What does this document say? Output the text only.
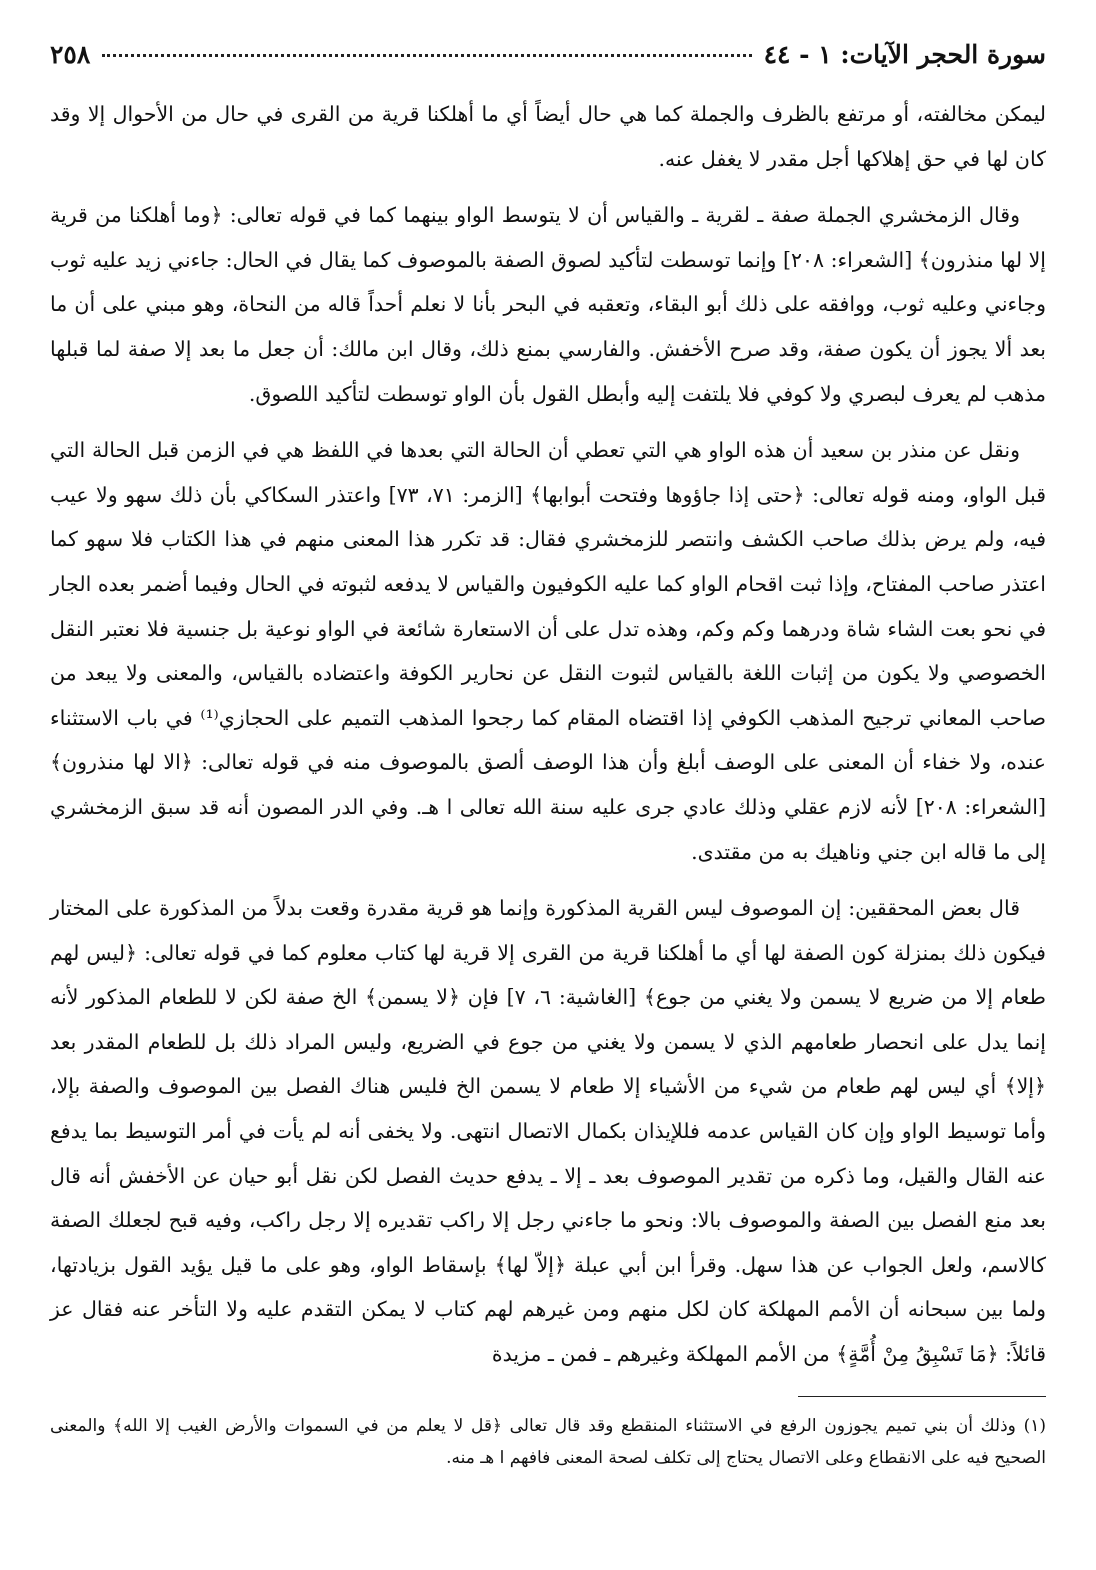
سورة الحجر الآيات: ١ - ٤٤
٢٥٨

ليمكن مخالفته، أو مرتفع بالظرف والجملة كما هي حال أيضاً أي ما أهلكنا قرية من القرى في حال من الأحوال إلا وقد كان لها في حق إهلاكها أجل مقدر لا يغفل عنه.

وقال الزمخشري الجملة صفة ـ لقرية ـ والقياس أن لا يتوسط الواو بينهما كما في قوله تعالى: ﴿وما أهلكنا من قرية إلا لها منذرون﴾ [الشعراء: ٢٠٨] وإنما توسطت لتأكيد لصوق الصفة بالموصوف كما يقال في الحال: جاءني زيد عليه ثوب وجاءني وعليه ثوب، ووافقه على ذلك أبو البقاء، وتعقبه في البحر بأنا لا نعلم أحداً قاله من النحاة، وهو مبني على أن ما بعد ألا يجوز أن يكون صفة، وقد صرح الأخفش. والفارسي بمنع ذلك، وقال ابن مالك: أن جعل ما بعد إلا صفة لما قبلها مذهب لم يعرف لبصري ولا كوفي فلا يلتفت إليه وأبطل القول بأن الواو توسطت لتأكيد اللصوق.

ونقل عن منذر بن سعيد أن هذه الواو هي التي تعطي أن الحالة التي بعدها في اللفظ هي في الزمن قبل الحالة التي قبل الواو، ومنه قوله تعالى: ﴿حتى إذا جاؤوها وفتحت أبوابها﴾ [الزمر: ٧١، ٧٣] واعتذر السكاكي بأن ذلك سهو ولا عيب فيه، ولم يرض بذلك صاحب الكشف وانتصر للزمخشري فقال: قد تكرر هذا المعنى منهم في هذا الكتاب فلا سهو كما اعتذر صاحب المفتاح، وإذا ثبت اقحام الواو كما عليه الكوفيون والقياس لا يدفعه لثبوته في الحال وفيما أضمر بعده الجار في نحو بعت الشاء شاة ودرهما وكم وكم، وهذه تدل على أن الاستعارة شائعة في الواو نوعية بل جنسية فلا نعتبر النقل الخصوصي ولا يكون من إثبات اللغة بالقياس لثبوت النقل عن نحارير الكوفة واعتضاده بالقياس، والمعنى ولا يبعد من صاحب المعاني ترجيح المذهب الكوفي إذا اقتضاه المقام كما رجحوا المذهب التميم على الحجازي⁽¹⁾ في باب الاستثناء عنده، ولا خفاء أن المعنى على الوصف أبلغ وأن هذا الوصف ألصق بالموصوف منه في قوله تعالى: ﴿الا لها منذرون﴾ [الشعراء: ٢٠٨] لأنه لازم عقلي وذلك عادي جرى عليه سنة الله تعالى ا هـ. وفي الدر المصون أنه قد سبق الزمخشري إلى ما قاله ابن جني وناهيك به من مقتدى.

قال بعض المحققين: إن الموصوف ليس القرية المذكورة وإنما هو قرية مقدرة وقعت بدلاً من المذكورة على المختار فيكون ذلك بمنزلة كون الصفة لها أي ما أهلكنا قرية من القرى إلا قرية لها كتاب معلوم كما في قوله تعالى: ﴿ليس لهم طعام إلا من ضريع لا يسمن ولا يغني من جوع﴾ [الغاشية: ٦، ٧] فإن ﴿لا يسمن﴾ الخ صفة لكن لا للطعام المذكور لأنه إنما يدل على انحصار طعامهم الذي لا يسمن ولا يغني من جوع في الضريع، وليس المراد ذلك بل للطعام المقدر بعد ﴿إلا﴾ أي ليس لهم طعام من شيء من الأشياء إلا طعام لا يسمن الخ فليس هناك الفصل بين الموصوف والصفة بإلا، وأما توسيط الواو وإن كان القياس عدمه فللإيذان بكمال الاتصال انتهى. ولا يخفى أنه لم يأت في أمر التوسيط بما يدفع عنه القال والقيل، وما ذكره من تقدير الموصوف بعد ـ إلا ـ يدفع حديث الفصل لكن نقل أبو حيان عن الأخفش أنه قال بعد منع الفصل بين الصفة والموصوف بالا: ونحو ما جاءني رجل إلا راكب تقديره إلا رجل راكب، وفيه قبح لجعلك الصفة كالاسم، ولعل الجواب عن هذا سهل. وقرأ ابن أبي عبلة ﴿إلاّ لها﴾ بإسقاط الواو، وهو على ما قيل يؤيد القول بزيادتها، ولما بين سبحانه أن الأمم المهلكة كان لكل منهم ومن غيرهم لهم كتاب لا يمكن التقدم عليه ولا التأخر عنه فقال عز قائلاً: ﴿مَا تَسْبِقُ مِنْ أُمَّةٍ﴾ من الأمم المهلكة وغيرهم ـ فمن ـ مزيدة

(١) وذلك أن بني تميم يجوزون الرفع في الاستثناء المنقطع وقد قال تعالى ﴿قل لا يعلم من في السموات والأرض الغيب إلا الله﴾ والمعنى الصحيح فيه على الانقطاع وعلى الاتصال يحتاج إلى تكلف لصحة المعنى فافهم ا هـ منه.
